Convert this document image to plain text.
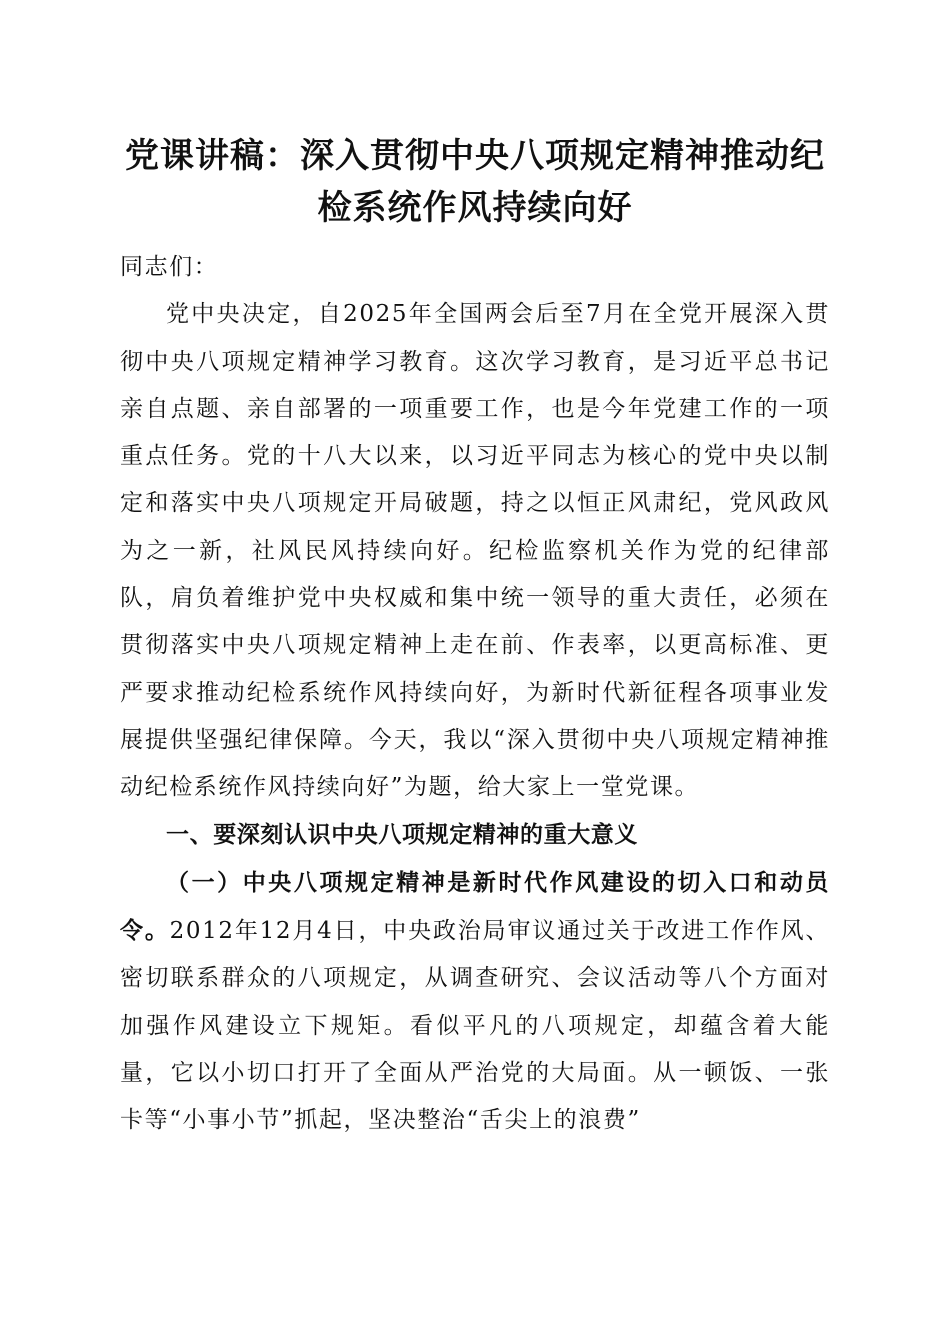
党课讲稿：深入贯彻中央八项规定精神推动纪
检系统作风持续向好

同志们：

党中央决定，自2025年全国两会后至7月在全党开展深入贯彻中央八项规定精神学习教育。这次学习教育，是习近平总书记亲自点题、亲自部署的一项重要工作，也是今年党建工作的一项重点任务。党的十八大以来，以习近平同志为核心的党中央以制定和落实中央八项规定开局破题，持之以恒正风肃纪，党风政风为之一新，社风民风持续向好。纪检监察机关作为党的纪律部队，肩负着维护党中央权威和集中统一领导的重大责任，必须在贯彻落实中央八项规定精神上走在前、作表率，以更高标准、更严要求推动纪检系统作风持续向好，为新时代新征程各项事业发展提供坚强纪律保障。今天，我以“深入贯彻中央八项规定精神推动纪检系统作风持续向好”为题，给大家上一堂党课。

一、要深刻认识中央八项规定精神的重大意义

（一）中央八项规定精神是新时代作风建设的切入口和动员令。2012年12月4日，中央政治局审议通过关于改进工作作风、密切联系群众的八项规定，从调查研究、会议活动等八个方面对加强作风建设立下规矩。看似平凡的八项规定，却蕴含着大能量，它以小切口打开了全面从严治党的大局面。从一顿饭、一张卡等“小事小节”抓起，坚决整治“舌尖上的浪费”
